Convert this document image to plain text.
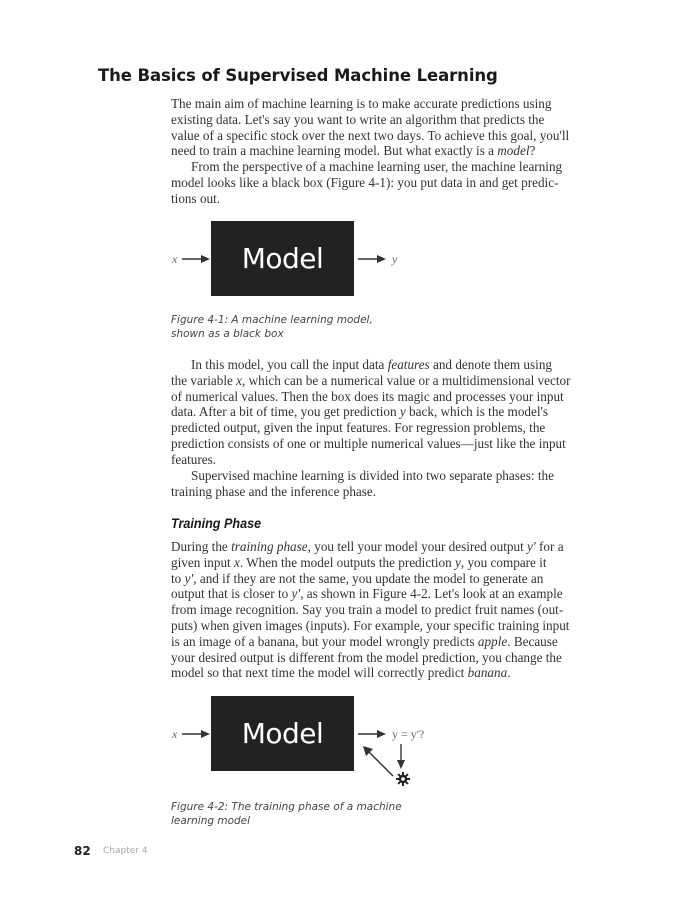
The Basics of Supervised Machine Learning

The main aim of machine learning is to make accurate predictions using
existing data. Let's say you want to write an algorithm that predicts the
value of a specific stock over the next two days. To achieve this goal, you'll
need to train a machine learning model. But what exactly is a model?

From the perspective of a machine learning user, the machine learning
model looks like a black box (Figure 4-1): you put data in and get predic-
tions out.

x	Model	y

Figure 4-1: A machine learning model,
shown as a black box

In this model, you call the input data features and denote them using
the variable x, which can be a numerical value or a multidimensional vector
of numerical values. Then the box does its magic and processes your input
data. After a bit of time, you get prediction y back, which is the model's
predicted output, given the input features. For regression problems, the
prediction consists of one or multiple numerical values—just like the input
features.

Supervised machine learning is divided into two separate phases: the
training phase and the inference phase.

Training Phase

During the training phase, you tell your model your desired output y' for a
given input x. When the model outputs the prediction y, you compare it
to y', and if they are not the same, you update the model to generate an
output that is closer to y', as shown in Figure 4-2. Let's look at an example
from image recognition. Say you train a model to predict fruit names (out-
puts) when given images (inputs). For example, your specific training input
is an image of a banana, but your model wrongly predicts apple. Because
your desired output is different from the model prediction, you change the
model so that next time the model will correctly predict banana.

x	Model	y = y'?

Figure 4-2: The training phase of a machine
learning model

82 Chapter 4
